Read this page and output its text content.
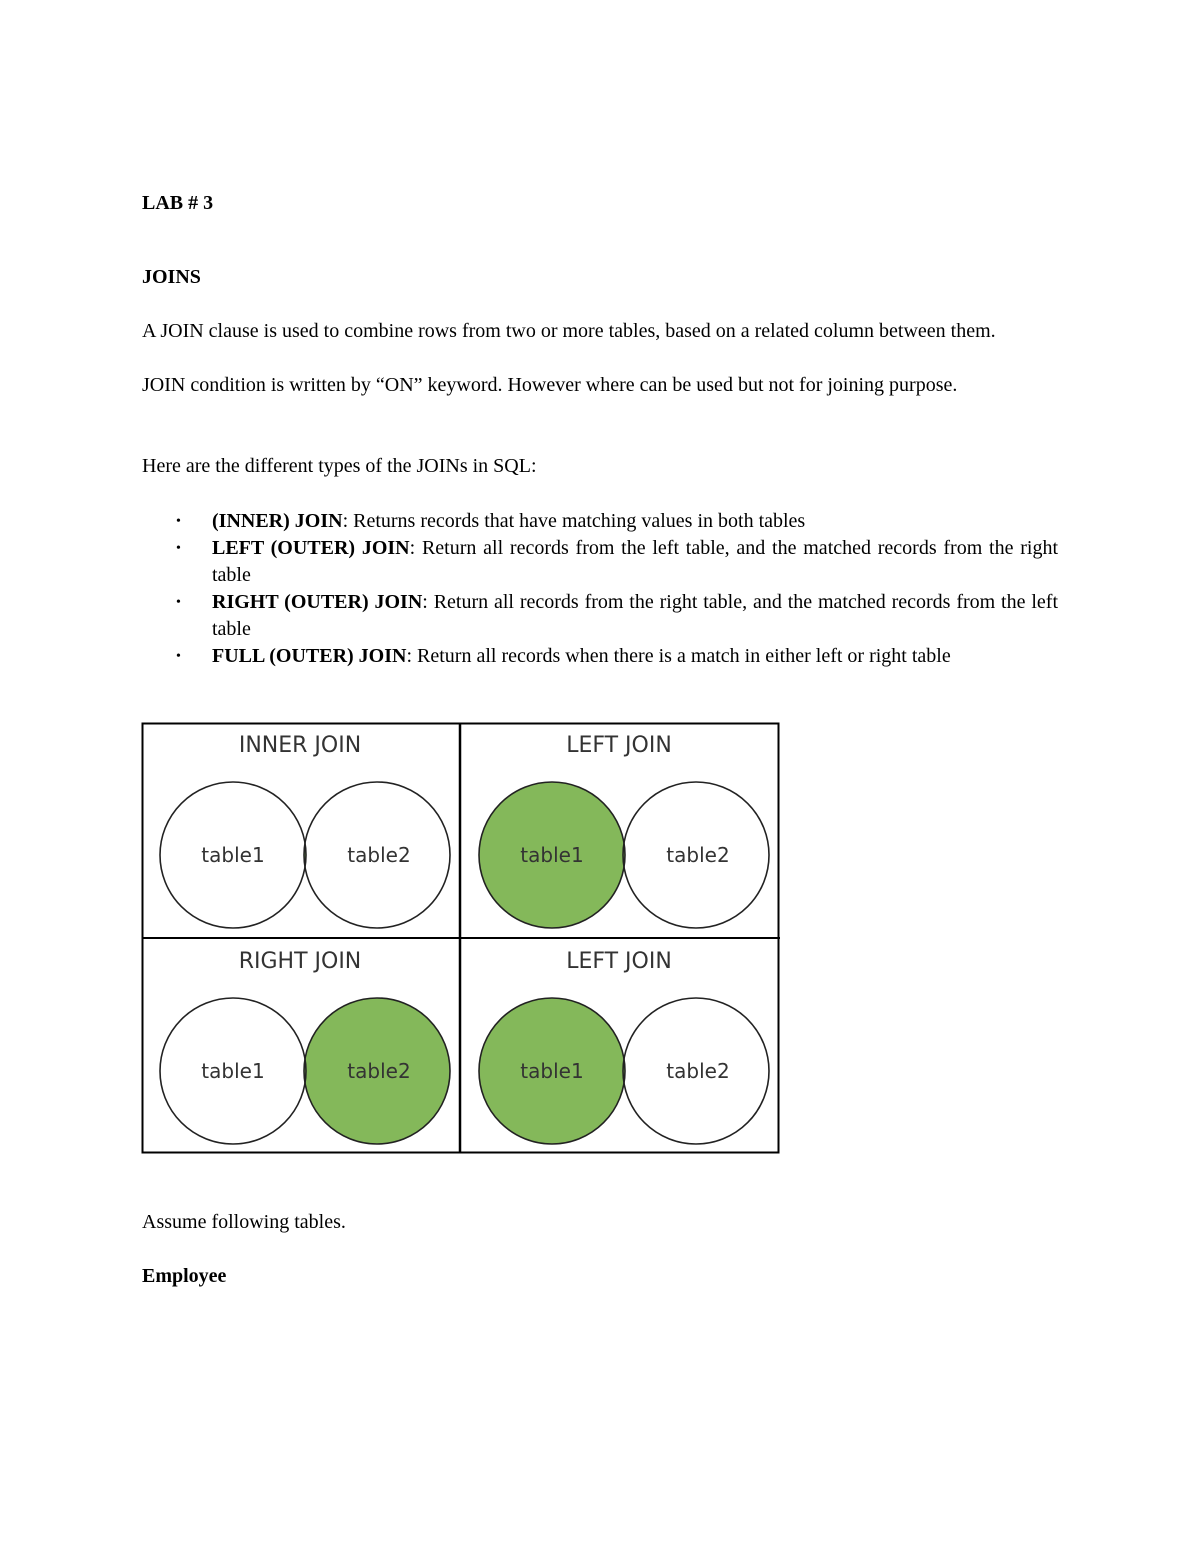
LAB # 3

JOINS

A JOIN clause is used to combine rows from two or more tables, based on a related column between them.

JOIN condition is written by “ON” keyword. However where can be used but not for joining purpose.

Here are the different types of the JOINs in SQL:

• (INNER) JOIN: Returns records that have matching values in both tables
• LEFT (OUTER) JOIN: Return all records from the left table, and the matched records from the right table
• RIGHT (OUTER) JOIN: Return all records from the right table, and the matched records from the left table
• FULL (OUTER) JOIN: Return all records when there is a match in either left or right table
INNER JOIN
table1	table2
LEFT JOIN
table1	table2
RIGHT JOIN
table1	table2
LEFT JOIN
table1	table2

Assume following tables.

Employee
